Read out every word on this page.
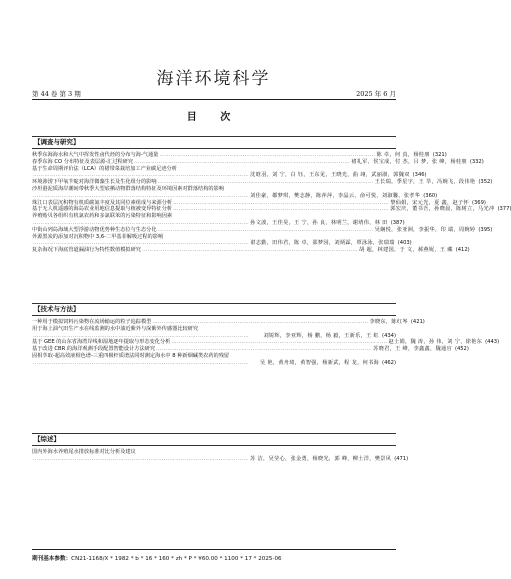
海洋环境科学
第 44 卷 第 3 期	2025 年 6 月
目 次
【调查与研究】
秋季东海海水和大气中挥发性卤代烃的分布与海-气通量 …………………………………………………………………………………………………… 陈 卓，何 真，杨桂朋 (321)
春季东海 CO 分布特征及表层源-汇过程研究 …………………………………………………………………………………………………… 褚礼军，侯宝成，付 杰，吕 梦，张 峰，杨桂朋 (332)
基于生命周期评价法（LCA）的裙带菜栽培加工产业碳足迹分析
…………………………………………………………………………………………………… 沈晗羽，刘 宁，白 钰，王东见，王晓光，曲 翊，武丽淑，郭魏双 (346)
环境渗涝下甲氧苄啶对海洋微藻生长及生化组分的影响 …………………………………………………………………………………………………… 王长瑞，季星宇，王 莘，冯婉飞，段伟艳 (352)
沙坦港泥质海岸潮间带秋季大型底栖动物群落结构特征及环境因素对群落结构的影响
…………………………………………………………………………………………………… 刘佳豪，都梦琪，樊志静，陈萍萍，李晶云，俞可悦，刘淑馨，张孝华 (360)
珠江口表层沉积物有机质碳氮丰度及其同位素组成与来源分析 …………………………………………………………………………………………………… 黎仙娟，宋元光，夏 鑫，赵子怀 (369)
基于无人机遥感的海岛农业用地信息提取与植被变异特征分析 …………………………………………………………………………………………………… 郭宏庆，董书吾，孙晓晨，陈树立，马光冲 (377)
养殖贻贝各组织有机氯农药和多氯联苯的污染特征和影响因素
…………………………………………………………………………………………………… 孙文波，王佳昊，王 宁，孙 良，林明兰，谢靖伟，林 田 (387)
中街山列岛海域大型浮游动物优势种生态位与生态分化 …………………………………………………………………………………………………… 吴娴悦，张亚洲，李振华，印 端，周婉婷 (395)
外源黑炭的添加对沉积物中 3,6-二甲基菲解吸过程的影响
…………………………………………………………………………………………………… 谌志勤，田伟君，陈 卓，邵梦园，刘炳霖，覃泳泳，张瑞瑞 (403)
复杂海况下海底管道漏油行为特性数值模拟研究 …………………………………………………………………………………………………… 胡 超，林建国，于 文，郝燕妮，王 藏 (412)
【技术与方法】
一种用于模拟饲料污染物在流场输运的粒子追踪模型 …………………………………………………………………………………………………… 李晓东，陈红岑 (421)
用于海上油气田生产水在线监测的水中油近紫外与深紫外传感器比较研究
……………………………………………………………………………………………………	刘锐辉，李亚辉，杨 鹏，杨 毅，王新乐，王 虹 (434)
基于 GEE 的山东省海湾岸线和湿地逐年提取与形态变化分析 …………………………………………………………………………………………………… 赵士娟，魏 涛，孙 伟，刘 宁，徐艳东 (443)
基于改进 CBR 的海洋观测手段配置智能设计方法研究 …………………………………………………………………………………………………… 苏晓君，王 峰，李鑫鑫，魏通官 (452)
固相萃取-超高效液相色谱-三重四极杆质谱法同时测定海水中 8 种新烟碱类农药的残留
……………………………………………………………………………………………………	吴 艳，黄舟琦，黄智强，杨新武，程 龙，何书海 (462)
【综述】
国内外海水养殖尾水排放标准对比分析及建议
…………………………………………………………………………………………………… 苏 洁，吴莹心，张金勇，杨晓光，郭 峰，柳士洋，樊景风 (471)
期刊基本参数：CN21-1168/X * 1982 * b * 16 * 160 * zh * P * ¥60.00 * 1100 * 17 * 2025-06
